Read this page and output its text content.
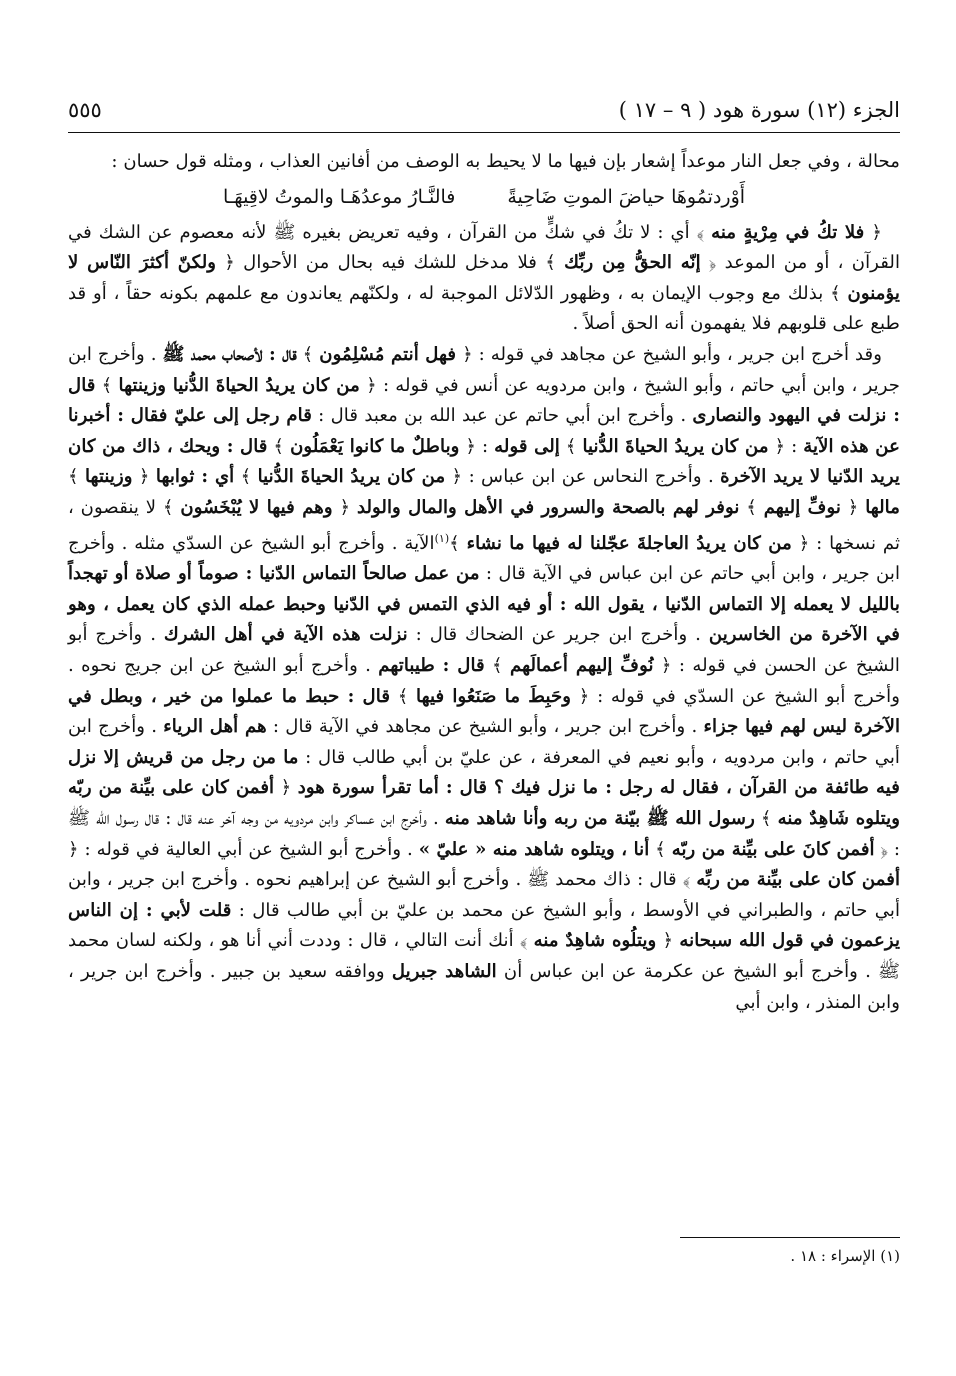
الجزء (١٢) سورة هود ( ٩ – ١٧ )
٥٥٥

محالة ، وفي جعل النار موعداً إشعار بإن فيها ما لا يحيط به الوصف من أفانين العذاب ، ومثله قول حسان :

أَوْردتمُوهَا حياضَ الموتِ ضَاحِيةً
فالنَّـارُ موعدُهَـا والموتُ لاقِيهَـا

﴿ فلا تكُ في مِرْيةٍ منه ﴾ أي : لا تكُ في شكٍّ من القرآن ، وفيه تعريض بغيره ﷺ لأنه معصوم عن الشك في القرآن ، أو من الموعد ﴿ إنّه الحقُّ مِن ربِّك ﴾ فلا مدخل للشك فيه بحال من الأحوال ﴿ ولكنّ أكثرَ النّاس لا يؤمنون ﴾ بذلك مع وجوب الإيمان به ، وظهور الدّلائل الموجبة له ، ولكنّهم يعاندون مع علمهم بكونه حقاً ، أو قد طبع على قلوبهم فلا يفهمون أنه الحق أصلاً .

وقد أخرج ابن جرير ، وأبو الشيخ عن مجاهد في قوله : ﴿ فهل أنتم مُسْلِمُون ﴾ قال : لأصحاب محمد ﷺ . وأخرج ابن جرير ، وابن أبي حاتم ، وأبو الشيخ ، وابن مردويه عن أنس في قوله : ﴿ من كان يريدُ الحياةَ الدُّنيا وزينتها ﴾ قال : نزلت في اليهود والنصارى . وأخرج ابن أبي حاتم عن عبد الله بن معبد قال : قام رجل إلى عليّ فقال : أخبرنا عن هذه الآية : ﴿ من كان يريدُ الحياةَ الدُّنيا ﴾ إلى قوله : ﴿ وباطلٌ ما كانوا يَعْمَلُون ﴾ قال : ويحك ، ذاك من كان يريد الدّنيا لا يريد الآخرة . وأخرج النحاس عن ابن عباس : ﴿ من كان يريدُ الحياةَ الدُّنيا ﴾ أي : ثوابها ﴿ وزينتها ﴾ مالها ﴿ نوفِّ إليهم ﴾ نوفر لهم بالصحة والسرور في الأهل والمال والولد ﴿ وهم فيها لا يُبْخَسُون ﴾ لا ينقصون ، ثم نسخها : ﴿ من كان يريدُ العاجلةَ عجّلنا له فيها ما نشاء ﴾$^{(١)}$الآية . وأخرج أبو الشيخ عن السدّي مثله . وأخرج ابن جرير ، وابن أبي حاتم عن ابن عباس في الآية قال : من عمل صالحاً التماس الدّنيا : صوماً أو صلاة أو تهجداً بالليل لا يعمله إلا التماس الدّنيا ، يقول الله : أو فيه الذي التمس في الدّنيا وحبط عمله الذي كان يعمل ، وهو في الآخرة من الخاسرين . وأخرج ابن جرير عن الضحاك قال : نزلت هذه الآية في أهل الشرك . وأخرج أبو الشيخ عن الحسن في قوله : ﴿ نُوفِّ إليهم أعمالَهم ﴾ قال : طيباتهم . وأخرج أبو الشيخ عن ابن جريج نحوه . وأخرج أبو الشيخ عن السدّي في قوله : ﴿ وحَبِطَ ما صَنَعُوا فيها ﴾ قال : حبط ما عملوا من خير ، وبطل في الآخرة ليس لهم فيها جزاء . وأخرج ابن جرير ، وأبو الشيخ عن مجاهد في الآية قال : هم أهل الرياء . وأخرج ابن أبي حاتم ، وابن مردويه ، وأبو نعيم في المعرفة ، عن عليّ بن أبي طالب قال : ما من رجل من قريش إلا نزل فيه طائفة من القرآن ، فقال له رجل : ما نزل فيك ؟ قال : أما تقرأ سورة هود ﴿ أفمن كان على بيِّنة من ربّه ويتلوه شَاهِدٌ منه ﴾ رسول الله ﷺ بيّنة من ربه وأنا شاهد منه . وأخرج ابن عساكر وابن مردويه من وجه آخر عنه قال : قال رسول الله ﷺ : ﴿ أفمن كانَ على بيِّنة من ربّه ﴾ أنا ، ويتلوه شاهد منه « عليّ » . وأخرج أبو الشيخ عن أبي العالية في قوله : ﴿ أفمن كان على بيِّنة من ربِّه ﴾ قال : ذاك محمد ﷺ . وأخرج أبو الشيخ عن إبراهيم نحوه . وأخرج ابن جرير ، وابن أبي حاتم ، والطبراني في الأوسط ، وأبو الشيخ عن محمد بن عليّ بن أبي طالب قال : قلت لأبي : إن الناس يزعمون في قول الله سبحانه ﴿ ويتلُوه شاهِدٌ منه ﴾ أنك أنت التالي ، قال : وددت أني أنا هو ، ولكنه لسان محمد ﷺ . وأخرج أبو الشيخ عن عكرمة عن ابن عباس أن الشاهد جبريل ووافقه سعيد بن جبير . وأخرج ابن جرير ، وابن المنذر ، وابن أبي

(١) الإسراء : ١٨ .
